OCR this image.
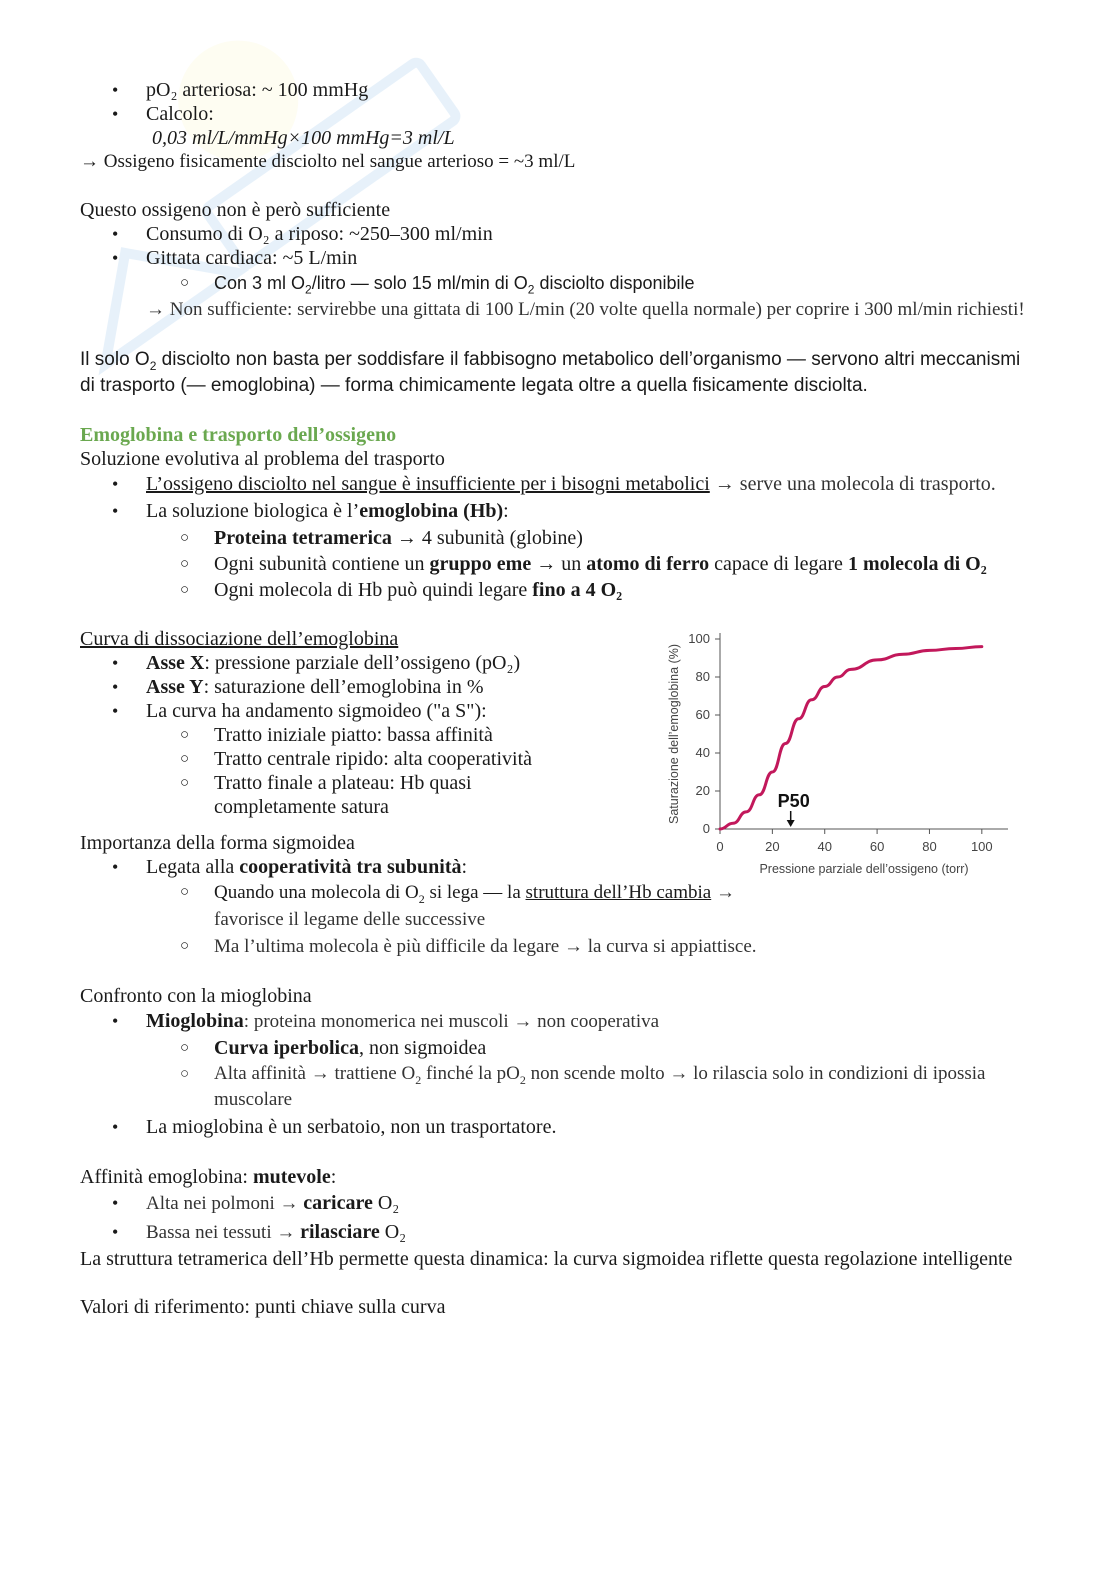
• pO₂ arteriosa: ~ 100 mmHg
• Calcolo:

0,03 ml/L/mmHg×100 mmHg=3 ml/L

→ Ossigeno fisicamente disciolto nel sangue arterioso = ~3 ml/L

Questo ossigeno non è però sufficiente

• Consumo di O₂ a riposo: ~250–300 ml/min
• Gittata cardiaca: ~5 L/min
○ Con 3 ml $O_2$/litro — solo 15 ml/min di $O_2$ disciolto disponibile

→ Non sufficiente: servirebbe una gittata di 100 L/min (20 volte quella normale) per coprire i 300 ml/min richiesti!

Il solo $O_2$ disciolto non basta per soddisfare il fabbisogno metabolico dell’organismo — servono altri meccanismi di trasporto (— emoglobina) — forma chimicamente legata oltre a quella fisicamente disciolta.

Emoglobina e trasporto dell’ossigeno

Soluzione evolutiva al problema del trasporto

• L’ossigeno disciolto nel sangue è insufficiente per i bisogni metabolici → serve una molecola di trasporto.
• La soluzione biologica è l’emoglobina (Hb):
○ Proteina tetramerica → 4 subunità (globine)
○ Ogni subunità contiene un gruppo eme → un atomo di ferro capace di legare 1 molecola di O₂
○ Ogni molecola di Hb può quindi legare fino a 4 O₂
0
20
40
60
80
100
0	20	40	60	80	100
Pressione parziale dell’ossigeno (torr)
Saturazione dell’emoglobina (%)	P50

Curva di dissociazione dell’emoglobina

• Asse X: pressione parziale dell’ossigeno (pO₂)
• Asse Y: saturazione dell’emoglobina in %
• La curva ha andamento sigmoideo ("a S"):
○ Tratto iniziale piatto: bassa affinità
○ Tratto centrale ripido: alta cooperatività
○ Tratto finale a plateau: Hb quasi completamente satura

Importanza della forma sigmoidea

• Legata alla cooperatività tra subunità:
○ Quando una molecola di $O_2$ si lega — la struttura dell’Hb cambia → favorisce il legame delle successive
○ Ma l’ultima molecola è più difficile da legare → la curva si appiattisce.

Confronto con la mioglobina

• Mioglobina: proteina monomerica nei muscoli → non cooperativa
○ Curva iperbolica, non sigmoidea
○ Alta affinità → trattiene $O_2$ finché la $pO_2$ non scende molto → lo rilascia solo in condizioni di ipossia muscolare
• La mioglobina è un serbatoio, non un trasportatore.

Affinità emoglobina: mutevole:

• Alta nei polmoni → caricare O₂
• Bassa nei tessuti → rilasciare O₂

La struttura tetramerica dell’Hb permette questa dinamica: la curva sigmoidea riflette questa regolazione intelligente

Valori di riferimento: punti chiave sulla curva
